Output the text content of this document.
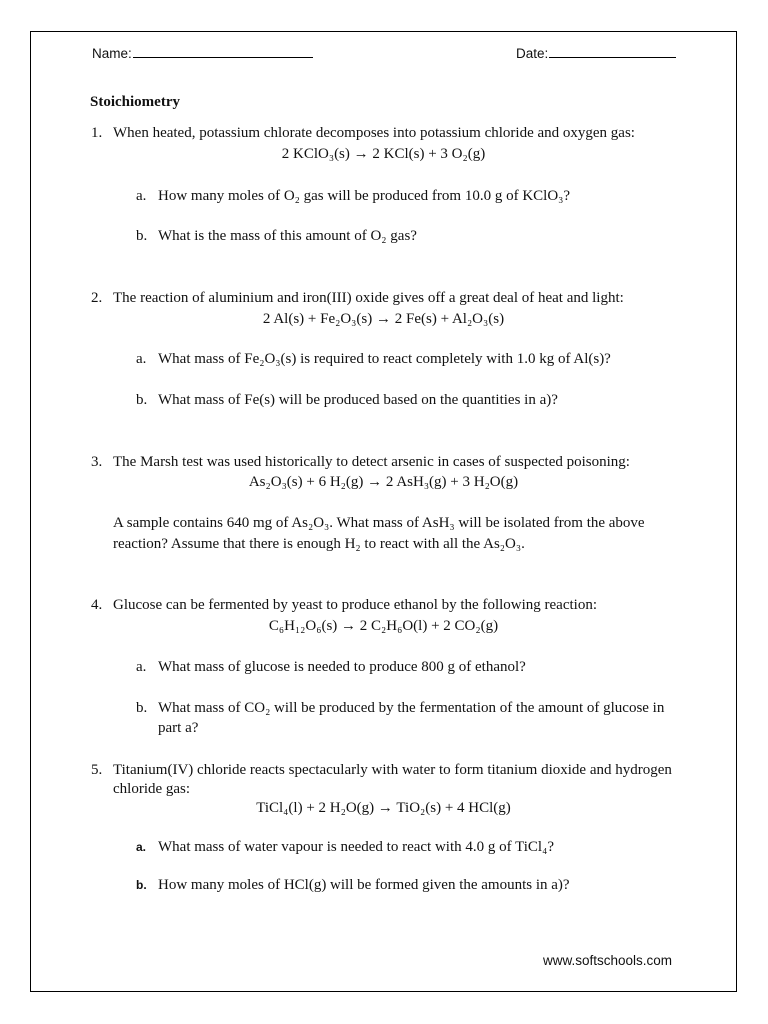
Name:	Date:
Stoichiometry
1. When heated, potassium chlorate decomposes into potassium chloride and oxygen gas:
2 KClO₃(s) → 2 KCl(s) + 3 O₂(g)
a. How many moles of O₂ gas will be produced from 10.0 g of KClO₃?
b. What is the mass of this amount of O₂ gas?
2. The reaction of aluminium and iron(III) oxide gives off a great deal of heat and light:
2 Al(s) + Fe₂O₃(s) → 2 Fe(s) + Al₂O₃(s)
a. What mass of Fe₂O₃(s) is required to react completely with 1.0 kg of Al(s)?
b. What mass of Fe(s) will be produced based on the quantities in a)?
3. The Marsh test was used historically to detect arsenic in cases of suspected poisoning:
As₂O₃(s) + 6 H₂(g) → 2 AsH₃(g) + 3 H₂O(g)
A sample contains 640 mg of As₂O₃. What mass of AsH₃ will be isolated from the above
reaction? Assume that there is enough H₂ to react with all the As₂O₃.
4. Glucose can be fermented by yeast to produce ethanol by the following reaction:
C₆H₁₂O₆(s) → 2 C₂H₆O(l) + 2 CO₂(g)
a. What mass of glucose is needed to produce 800 g of ethanol?
b. What mass of CO₂ will be produced by the fermentation of the amount of glucose in
part a?
5. Titanium(IV) chloride reacts spectacularly with water to form titanium dioxide and hydrogen
chloride gas:
TiCl₄(l) + 2 H₂O(g) → TiO₂(s) + 4 HCl(g)
a. What mass of water vapour is needed to react with 4.0 g of TiCl₄?
b. How many moles of HCl(g) will be formed given the amounts in a)?
www.softschools.com
